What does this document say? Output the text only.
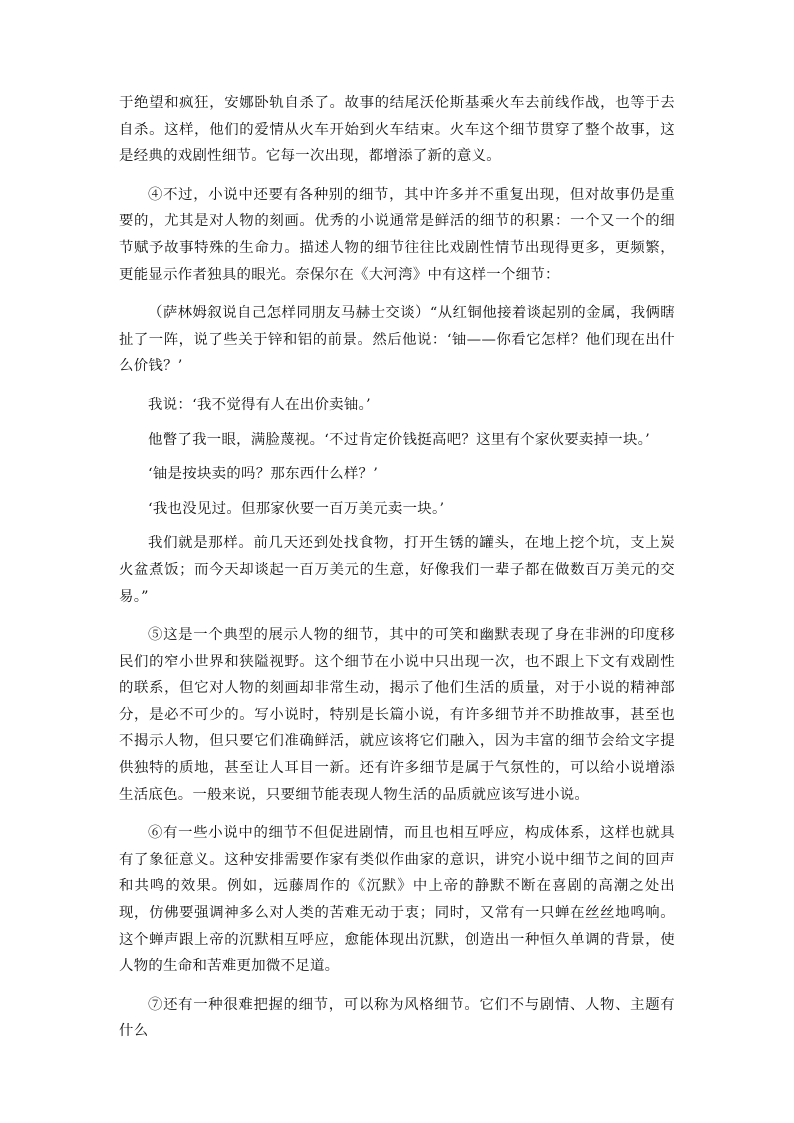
于绝望和疯狂，安娜卧轨自杀了。故事的结尾沃伦斯基乘火车去前线作战，也等于去自杀。这样，他们的爱情从火车开始到火车结束。火车这个细节贯穿了整个故事，这是经典的戏剧性细节。它每一次出现，都增添了新的意义。

④不过，小说中还要有各种别的细节，其中许多并不重复出现，但对故事仍是重要的，尤其是对人物的刻画。优秀的小说通常是鲜活的细节的积累：一个又一个的细节赋予故事特殊的生命力。描述人物的细节往往比戏剧性情节出现得更多，更频繁，更能显示作者独具的眼光。奈保尔在《大河湾》中有这样一个细节：

（萨林姆叙说自己怎样同朋友马赫士交谈）“从红铜他接着谈起别的金属，我俩瞎扯了一阵，说了些关于锌和铝的前景。然后他说：‘铀——你看它怎样？他们现在出什么价钱？’

我说：‘我不觉得有人在出价卖铀。’

他瞥了我一眼，满脸蔑视。‘不过肯定价钱挺高吧？这里有个家伙要卖掉一块。’

‘铀是按块卖的吗？那东西什么样？’

‘我也没见过。但那家伙要一百万美元卖一块。’

我们就是那样。前几天还到处找食物，打开生锈的罐头，在地上挖个坑，支上炭火盆煮饭；而今天却谈起一百万美元的生意，好像我们一辈子都在做数百万美元的交易。”

⑤这是一个典型的展示人物的细节，其中的可笑和幽默表现了身在非洲的印度移民们的窄小世界和狭隘视野。这个细节在小说中只出现一次，也不跟上下文有戏剧性的联系，但它对人物的刻画却非常生动，揭示了他们生活的质量，对于小说的精神部分，是必不可少的。写小说时，特别是长篇小说，有许多细节并不助推故事，甚至也不揭示人物，但只要它们准确鲜活，就应该将它们融入，因为丰富的细节会给文字提供独特的质地，甚至让人耳目一新。还有许多细节是属于气氛性的，可以给小说增添生活底色。一般来说，只要细节能表现人物生活的品质就应该写进小说。

⑥有一些小说中的细节不但促进剧情，而且也相互呼应，构成体系，这样也就具有了象征意义。这种安排需要作家有类似作曲家的意识，讲究小说中细节之间的回声和共鸣的效果。例如，远藤周作的《沉默》中上帝的静默不断在喜剧的高潮之处出现，仿佛要强调神多么对人类的苦难无动于衷；同时，又常有一只蝉在丝丝地鸣响。这个蝉声跟上帝的沉默相互呼应，愈能体现出沉默，创造出一种恒久单调的背景，使人物的生命和苦难更加微不足道。

⑦还有一种很难把握的细节，可以称为风格细节。它们不与剧情、人物、主题有什么
